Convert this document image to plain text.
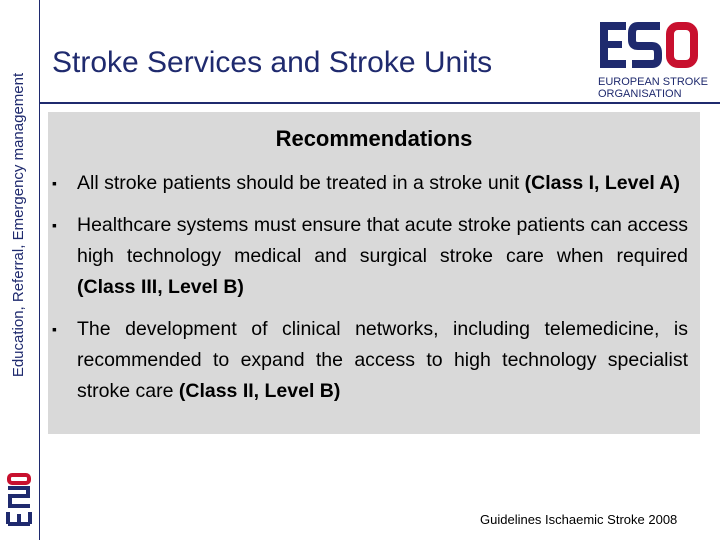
Education, Referral, Emergency management
Stroke Services and Stroke Units
EUROPEAN STROKE
ORGANISATION
Recommendations
▪ All stroke patients should be treated in a stroke unit (Class I, Level A)
▪ Healthcare systems must ensure that acute stroke patients can access high technology medical and surgical stroke care when required (Class III, Level B)
▪ The development of clinical networks, including telemedicine, is recommended to expand the access to high technology specialist stroke care (Class II, Level B)
Guidelines Ischaemic Stroke 2008
